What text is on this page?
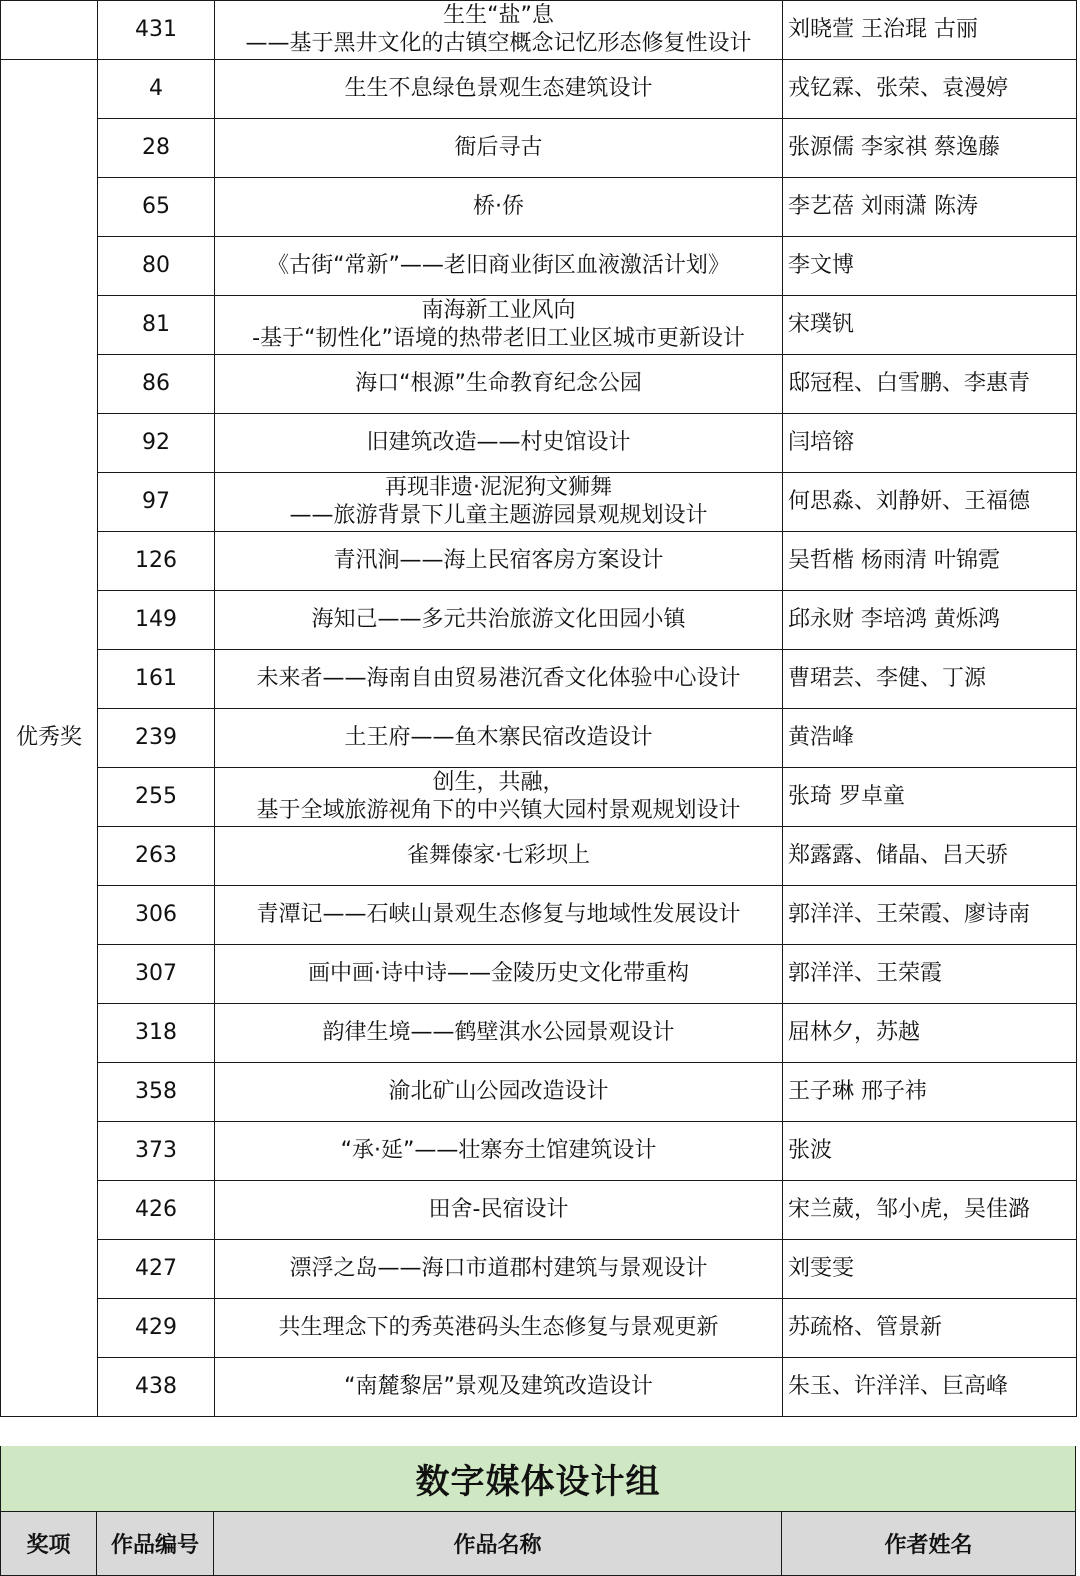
	431	生生“盐”息
——基于黑井文化的古镇空概念记忆形态修复性设计	刘晓萱 王治琨 古丽
优秀奖	4	生生不息绿色景观生态建筑设计	戎钇霖、张荣、袁漫婷
	28	衙后寻古	张源儒 李家祺 蔡逸藤
	65	桥·侨	李艺蓓 刘雨潇 陈涛
	80	《古街“常新”——老旧商业街区血液激活计划》	李文博
	81	南海新工业风向
-基于“韧性化”语境的热带老旧工业区城市更新设计	宋璞钒
	86	海口“根源”生命教育纪念公园	邸冠程、白雪鹏、李惠青
	92	旧建筑改造——村史馆设计	闫培镕
	97	再现非遗·泥泥狗文狮舞
——旅游背景下儿童主题游园景观规划设计	何思淼、刘静妍、王福德
	126	青汛涧——海上民宿客房方案设计	吴哲楷 杨雨清 叶锦霓
	149	海知己——多元共治旅游文化田园小镇	邱永财 李培鸿 黄烁鸿
	161	未来者——海南自由贸易港沉香文化体验中心设计	曹珺芸、李健、丁源
	239	土王府——鱼木寨民宿改造设计	黄浩峰
	255	创生，共融，
基于全域旅游视角下的中兴镇大园村景观规划设计	张琦 罗卓童
	263	雀舞傣家·七彩坝上	郑露露、储晶、吕天骄
	306	青潭记——石峡山景观生态修复与地域性发展设计	郭洋洋、王荣霞、廖诗南
	307	画中画·诗中诗——金陵历史文化带重构	郭洋洋、王荣霞
	318	韵律生境——鹤壁淇水公园景观设计	屈林夕，苏越
	358	渝北矿山公园改造设计	王子琳 邢子祎
	373	“承·延”——壮寨夯土馆建筑设计	张波
	426	田舍-民宿设计	宋兰葳，邹小虎，吴佳潞
	427	漂浮之岛——海口市道郡村建筑与景观设计	刘雯雯
	429	共生理念下的秀英港码头生态修复与景观更新	苏疏格、管景新
	438	“南麓黎居”景观及建筑改造设计	朱玉、许洋洋、巨高峰
数字媒体设计组
奖项	作品编号	作品名称	作者姓名
